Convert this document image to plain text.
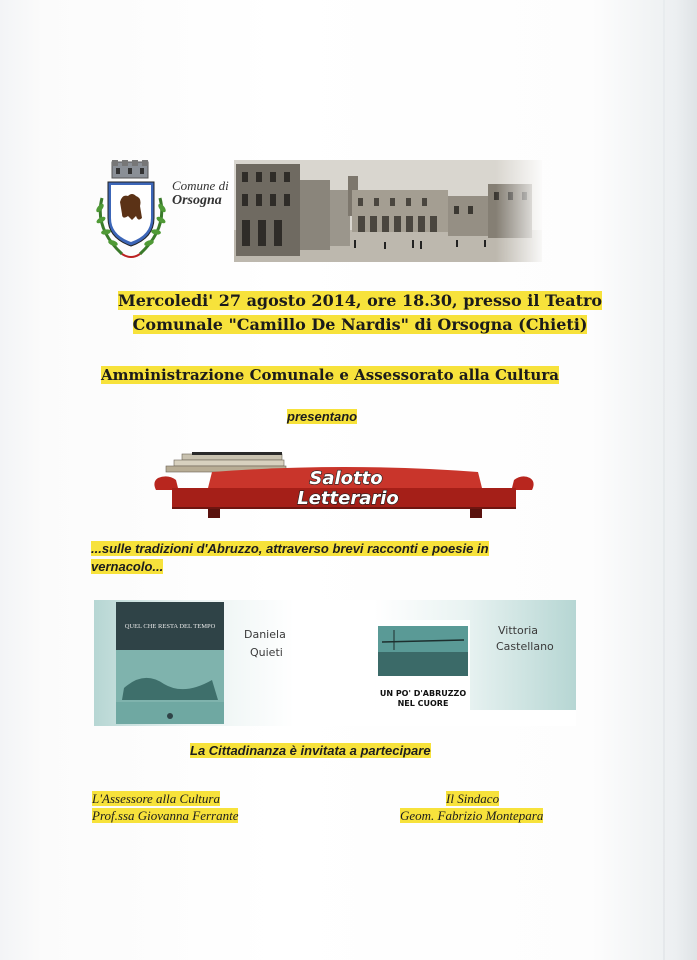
Comune di
Orsogna
Mercoledi' 27 agosto 2014, ore 18.30, presso il Teatro
Comunale "Camillo De Nardis" di Orsogna (Chieti)
Amministrazione Comunale e Assessorato alla Cultura
presentano
Salotto
Letterario
...sulle tradizioni d'Abruzzo, attraverso brevi racconti e poesie in
vernacolo...
QUEL CHE RESTA DEL TEMPO
Daniela
Quieti
UN PO' D'ABRUZZO
NEL CUORE
Vittoria
Castellano
La Cittadinanza è invitata a partecipare
L'Assessore alla Cultura
Prof.ssa Giovanna Ferrante
Il Sindaco
Geom. Fabrizio Montepara
